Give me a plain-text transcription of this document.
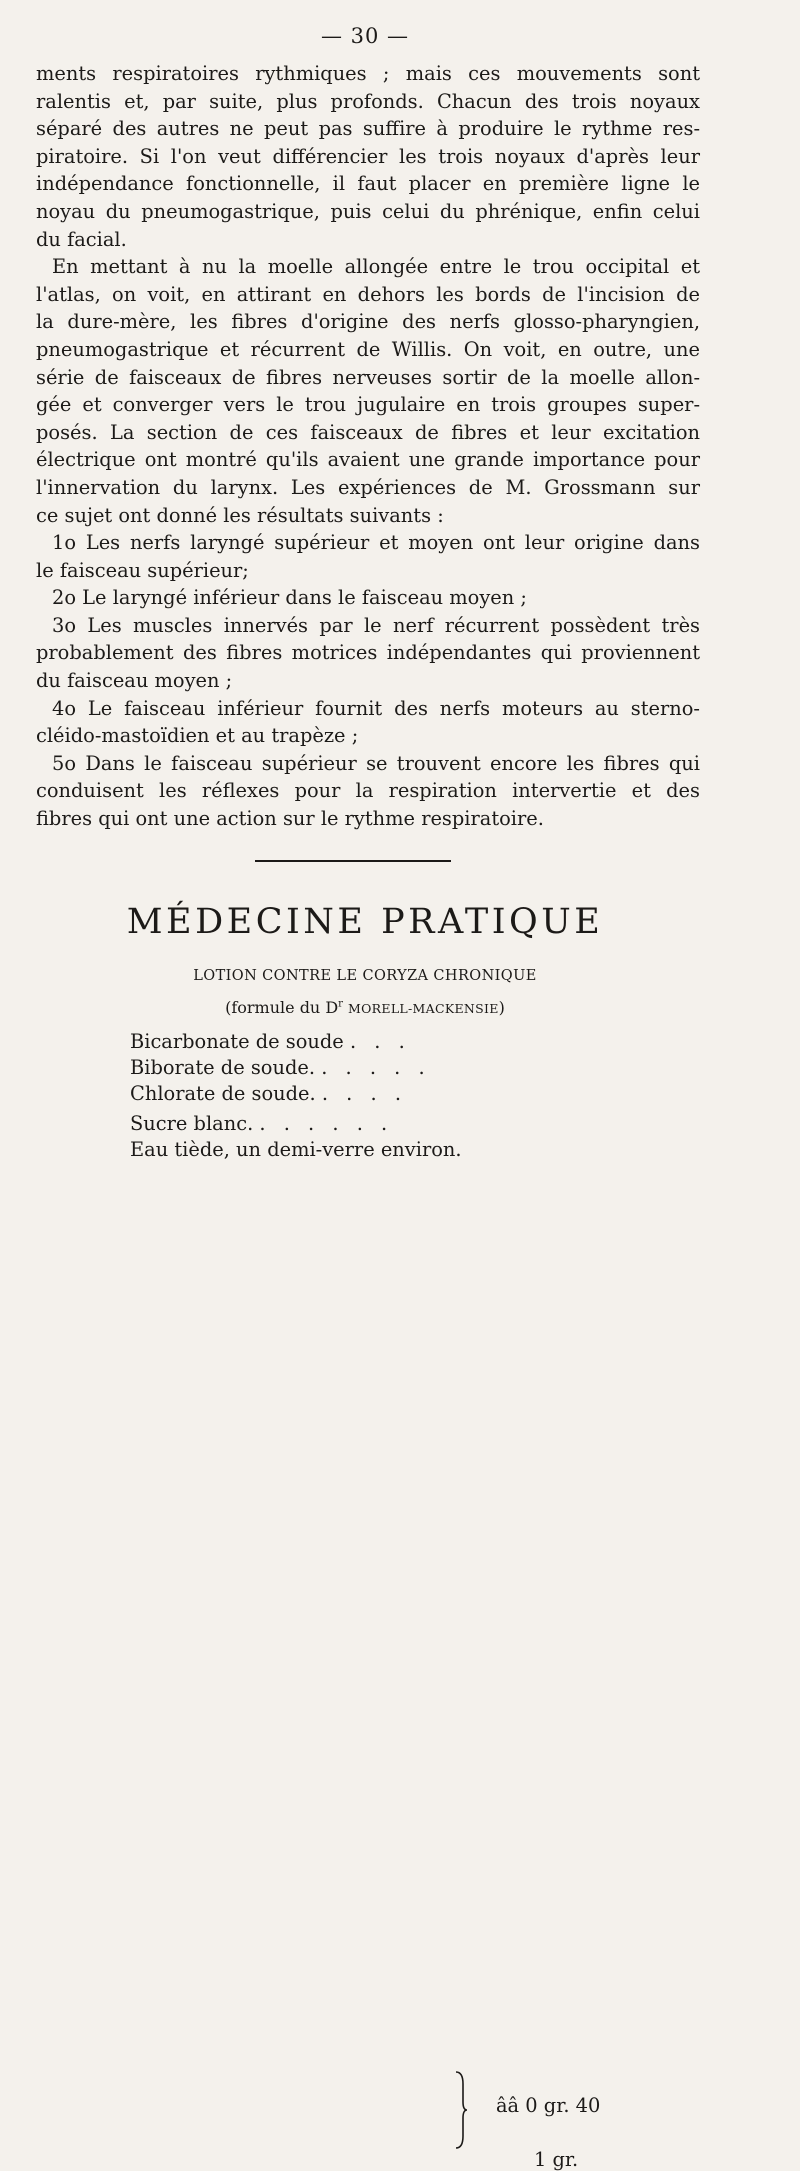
— 30 —
ments respiratoires rythmiques ; mais ces mouvements sont
ralentis et, par suite, plus profonds. Chacun des trois noyaux
séparé des autres ne peut pas suffire à produire le rythme res-
piratoire. Si l'on veut différencier les trois noyaux d'après leur
indépendance fonctionnelle, il faut placer en première ligne le
noyau du pneumogastrique, puis celui du phrénique, enfin celui
du facial.
En mettant à nu la moelle allongée entre le trou occipital et
l'atlas, on voit, en attirant en dehors les bords de l'incision de
la dure-mère, les fibres d'origine des nerfs glosso-pharyngien,
pneumogastrique et récurrent de Willis. On voit, en outre, une
série de faisceaux de fibres nerveuses sortir de la moelle allon-
gée et converger vers le trou jugulaire en trois groupes super-
posés. La section de ces faisceaux de fibres et leur excitation
électrique ont montré qu'ils avaient une grande importance pour
l'innervation du larynx. Les expériences de M. Grossmann sur
ce sujet ont donné les résultats suivants :
1o Les nerfs laryngé supérieur et moyen ont leur origine dans
le faisceau supérieur;
2o Le laryngé inférieur dans le faisceau moyen ;
3o Les muscles innervés par le nerf récurrent possèdent très
probablement des fibres motrices indépendantes qui proviennent
du faisceau moyen ;
4o Le faisceau inférieur fournit des nerfs moteurs au sterno-
cléido-mastoïdien et au trapèze ;
5o Dans le faisceau supérieur se trouvent encore les fibres qui
conduisent les réflexes pour la respiration intervertie et des
fibres qui ont une action sur le rythme respiratoire.
MÉDECINE PRATIQUE
LOTION CONTRE LE CORYZA CHRONIQUE
(formule du $D^r$ MORELL-MACKENSIE)
Bicarbonate de soude . . .
Biborate de soude. . . . . .
Chlorate de soude. . . . .
Sucre blanc. . . . . . .
Eau tiède, un demi-verre environ.
ââ 0 gr. 40
1 gr.
